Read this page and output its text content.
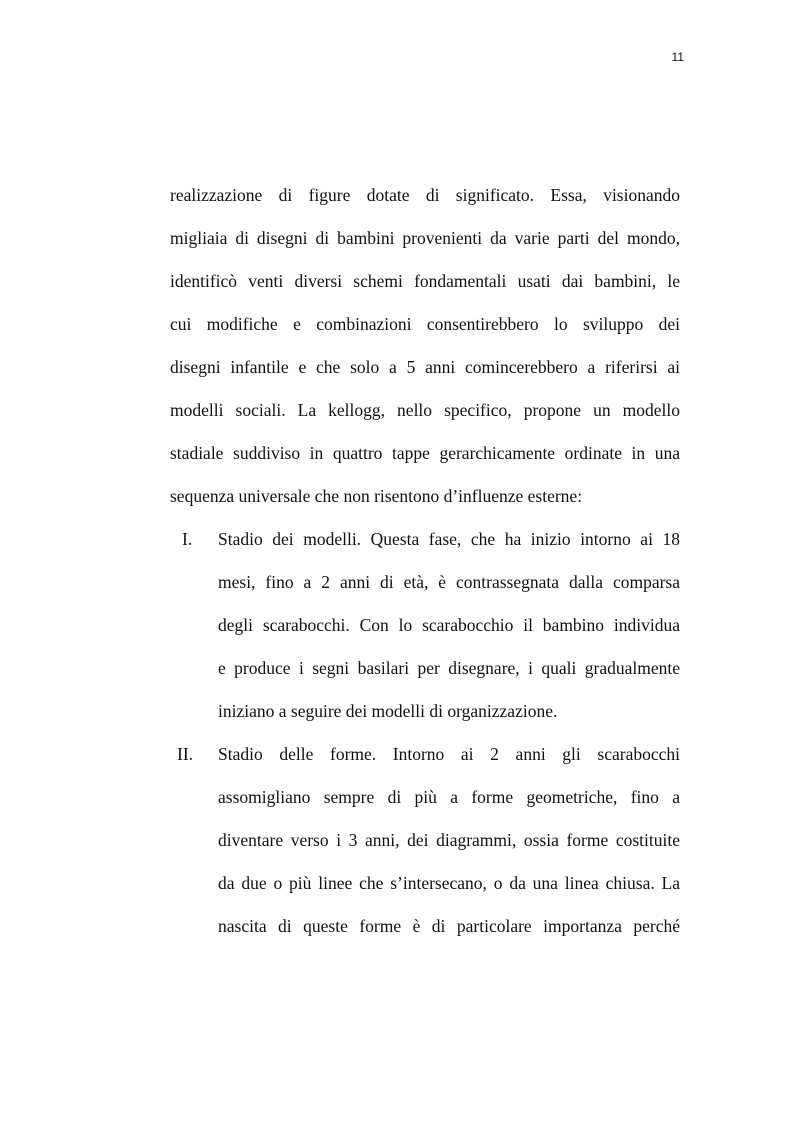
11
realizzazione di figure dotate di significato. Essa, visionando
migliaia di disegni di bambini provenienti da varie parti del mondo,
identificò venti diversi schemi fondamentali usati dai bambini, le
cui modifiche e combinazioni consentirebbero lo sviluppo dei
disegni infantile e che solo a 5 anni comincerebbero a riferirsi ai
modelli sociali. La kellogg, nello specifico, propone un modello
stadiale suddiviso in quattro tappe gerarchicamente ordinate in una
sequenza universale che non risentono d’influenze esterne:
I.	Stadio dei modelli. Questa fase, che ha inizio intorno ai 18
mesi, fino a 2 anni di età, è contrassegnata dalla comparsa
degli scarabocchi. Con lo scarabocchio il bambino individua
e produce i segni basilari per disegnare, i quali gradualmente
iniziano a seguire dei modelli di organizzazione.
II.	Stadio delle forme. Intorno ai 2 anni gli scarabocchi
assomigliano sempre di più a forme geometriche, fino a
diventare verso i 3 anni, dei diagrammi, ossia forme costituite
da due o più linee che s’intersecano, o da una linea chiusa. La
nascita di queste forme è di particolare importanza perché
